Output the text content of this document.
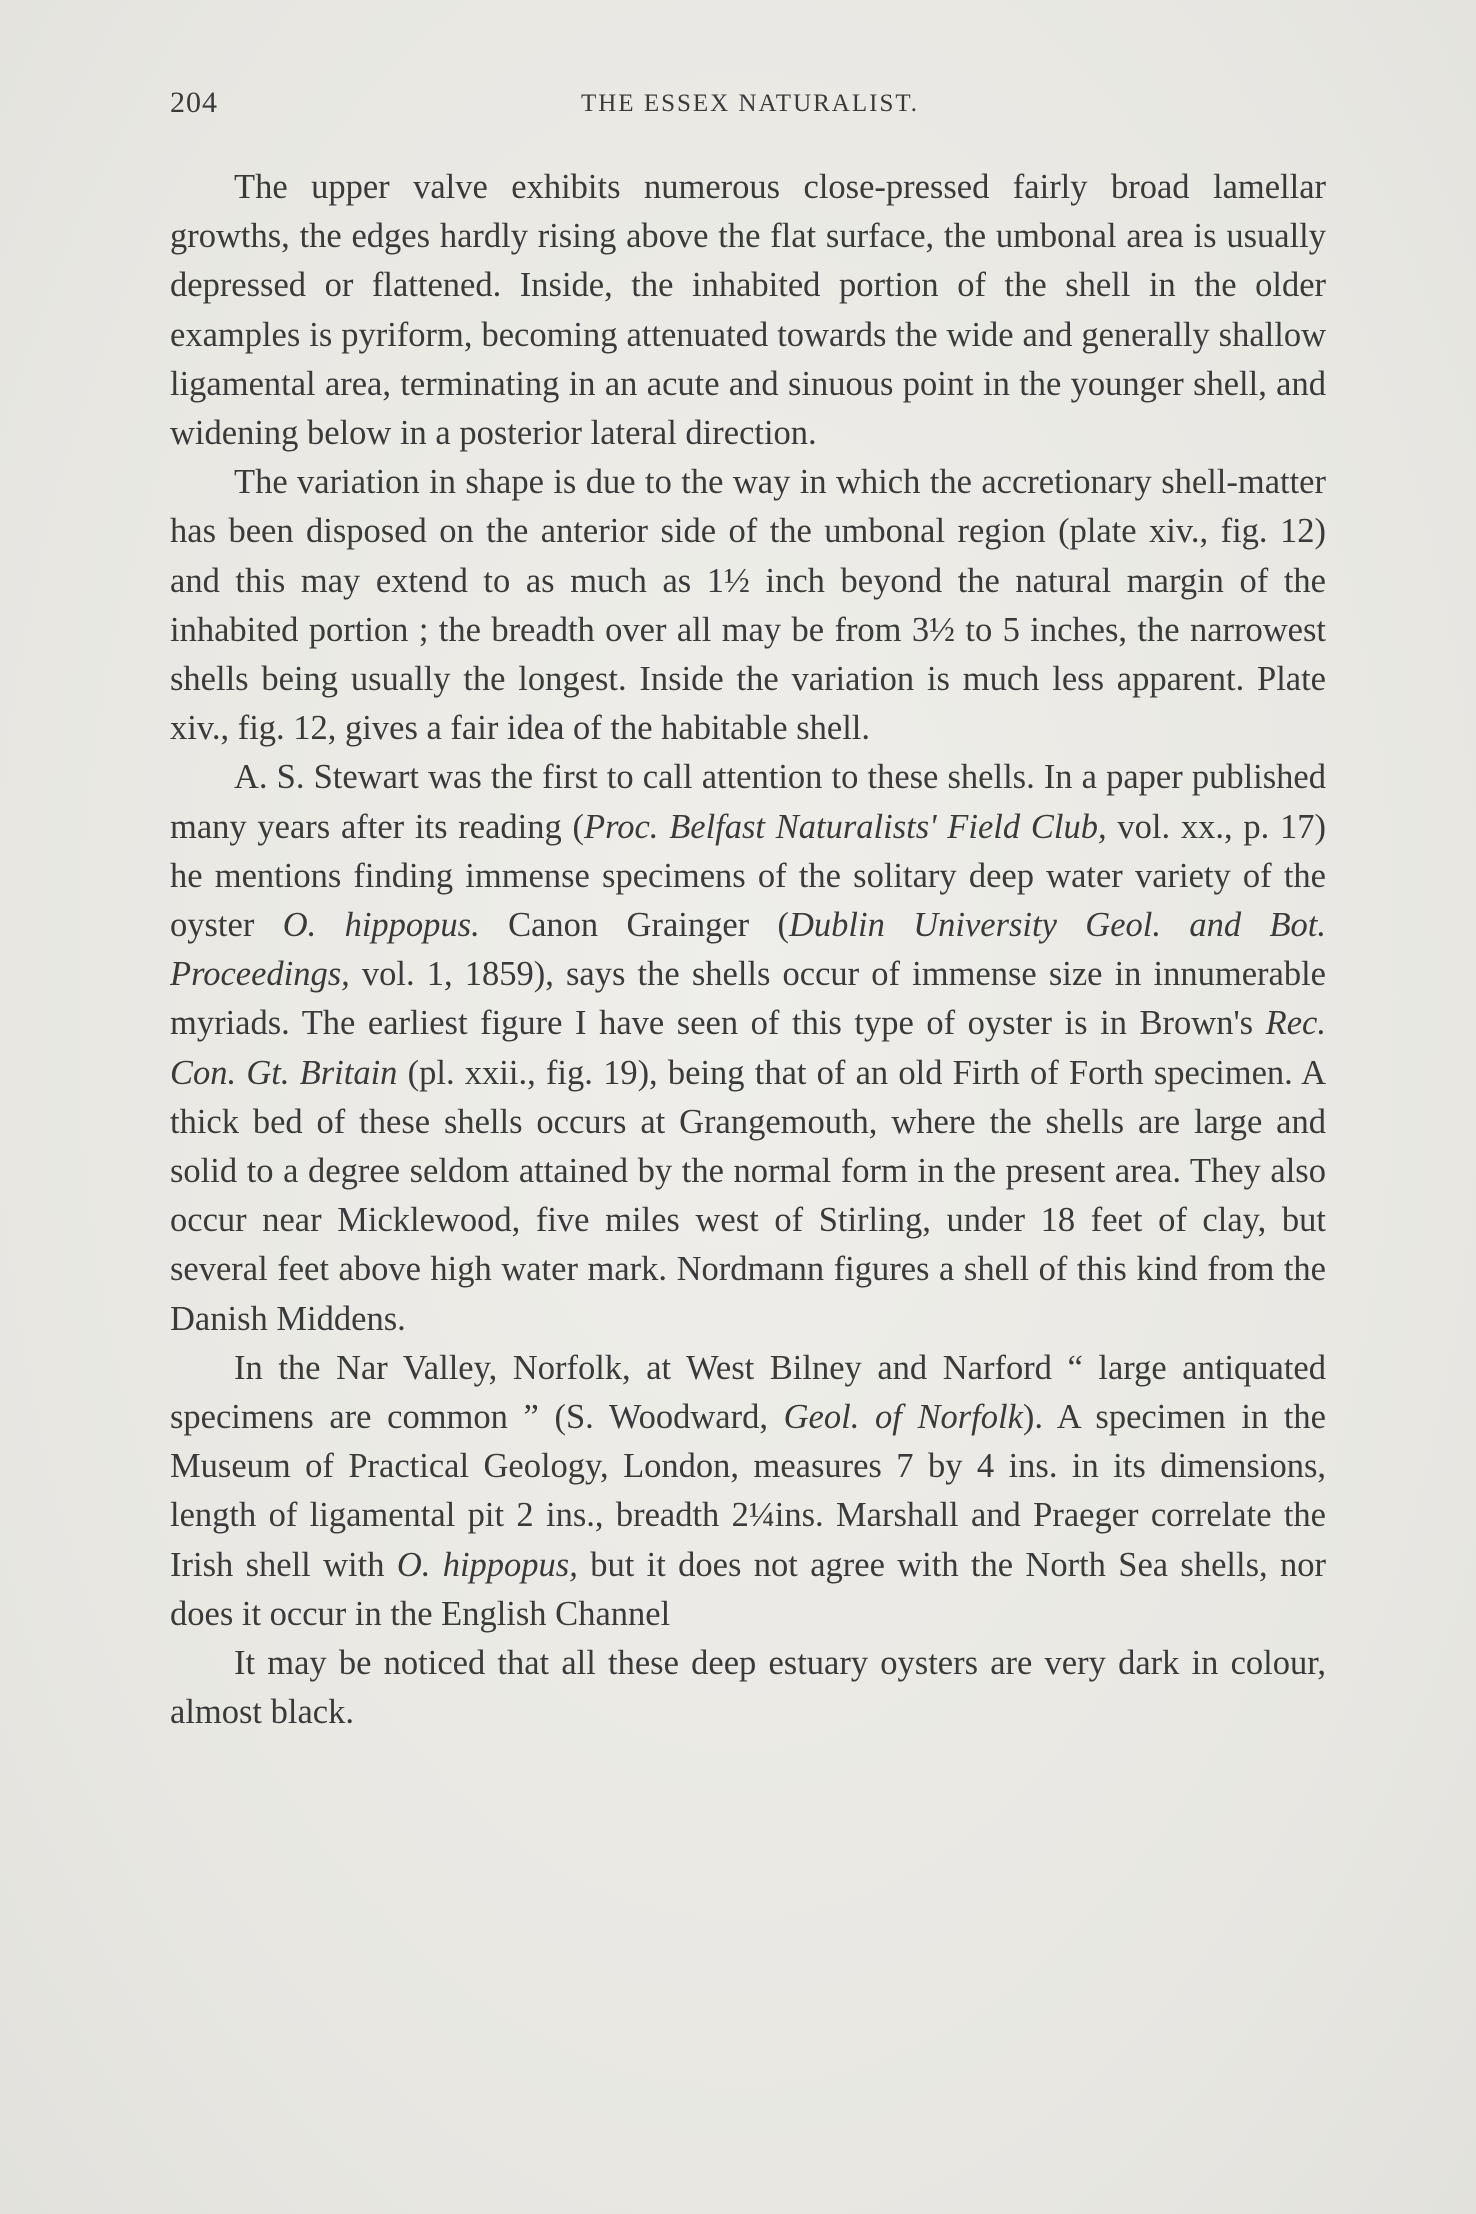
204	THE ESSEX NATURALIST.

The upper valve exhibits numerous close-pressed fairly broad lamellar growths, the edges hardly rising above the flat surface, the umbonal area is usually depressed or flattened. Inside, the inhabited portion of the shell in the older examples is pyriform, becoming attenuated towards the wide and generally shallow ligamental area, terminating in an acute and sinuous point in the younger shell, and widening below in a posterior lateral direction.

The variation in shape is due to the way in which the accretionary shell-matter has been disposed on the anterior side of the umbonal region (plate xiv., fig. 12) and this may extend to as much as 1½ inch beyond the natural margin of the inhabited portion ; the breadth over all may be from 3½ to 5 inches, the narrowest shells being usually the longest. Inside the variation is much less apparent. Plate xiv., fig. 12, gives a fair idea of the habitable shell.

A. S. Stewart was the first to call attention to these shells. In a paper published many years after its reading (Proc. Belfast Naturalists' Field Club, vol. xx., p. 17) he mentions finding immense specimens of the solitary deep water variety of the oyster O. hippopus. Canon Grainger (Dublin University Geol. and Bot. Proceedings, vol. 1, 1859), says the shells occur of immense size in innumerable myriads. The earliest figure I have seen of this type of oyster is in Brown's Rec. Con. Gt. Britain (pl. xxii., fig. 19), being that of an old Firth of Forth specimen. A thick bed of these shells occurs at Grangemouth, where the shells are large and solid to a degree seldom attained by the normal form in the present area. They also occur near Micklewood, five miles west of Stirling, under 18 feet of clay, but several feet above high water mark. Nordmann figures a shell of this kind from the Danish Middens.

In the Nar Valley, Norfolk, at West Bilney and Narford “ large antiquated specimens are common ” (S. Woodward, Geol. of Norfolk). A specimen in the Museum of Practical Geology, London, measures 7 by 4 ins. in its dimensions, length of ligamental pit 2 ins., breadth 2¼ins. Marshall and Praeger correlate the Irish shell with O. hippopus, but it does not agree with the North Sea shells, nor does it occur in the English Channel

It may be noticed that all these deep estuary oysters are very dark in colour, almost black.
